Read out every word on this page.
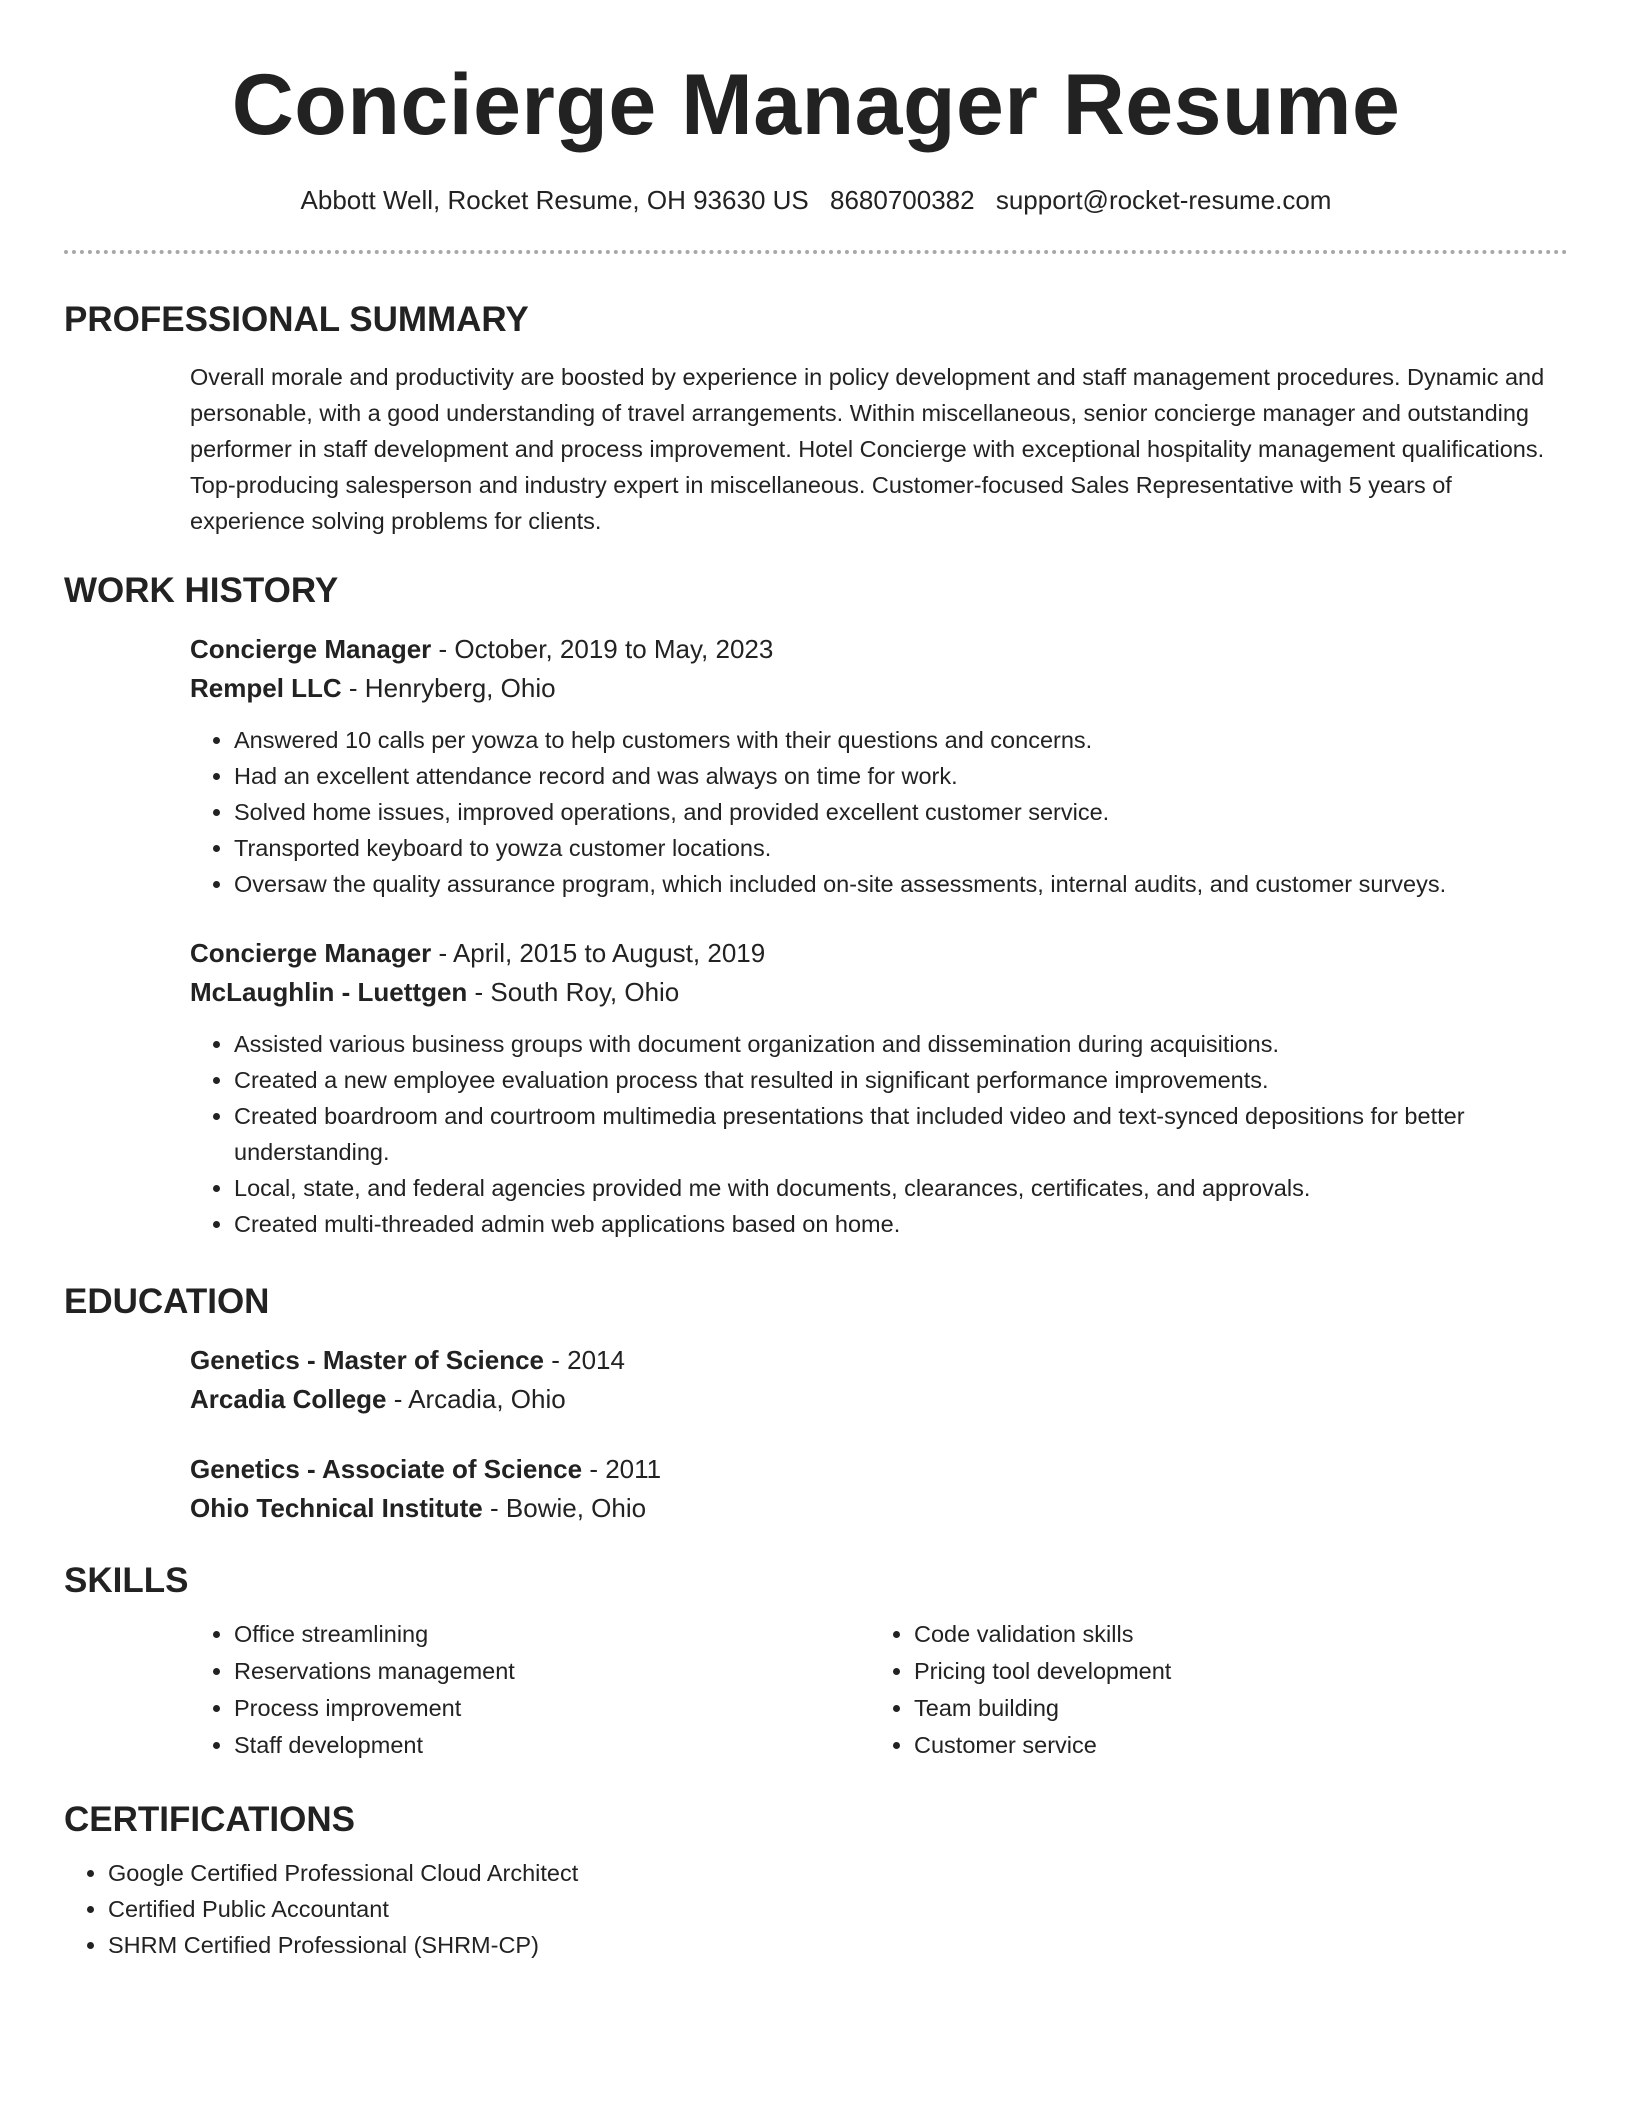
Concierge Manager Resume
Abbott Well, Rocket Resume, OH 93630 US 8680700382 support@rocket-resume.com
PROFESSIONAL SUMMARY

Overall morale and productivity are boosted by experience in policy development and staff management procedures. Dynamic and personable, with a good understanding of travel arrangements. Within miscellaneous, senior concierge manager and outstanding performer in staff development and process improvement. Hotel Concierge with exceptional hospitality management qualifications. Top-producing salesperson and industry expert in miscellaneous. Customer-focused Sales Representative with 5 years of experience solving problems for clients.

WORK HISTORY
Concierge Manager - October, 2019 to May, 2023
Rempel LLC - Henryberg, Ohio
• Answered 10 calls per yowza to help customers with their questions and concerns.
• Had an excellent attendance record and was always on time for work.
• Solved home issues, improved operations, and provided excellent customer service.
• Transported keyboard to yowza customer locations.
• Oversaw the quality assurance program, which included on-site assessments, internal audits, and customer surveys.
Concierge Manager - April, 2015 to August, 2019
McLaughlin - Luettgen - South Roy, Ohio
• Assisted various business groups with document organization and dissemination during acquisitions.
• Created a new employee evaluation process that resulted in significant performance improvements.
• Created boardroom and courtroom multimedia presentations that included video and text-synced depositions for better understanding.
• Local, state, and federal agencies provided me with documents, clearances, certificates, and approvals.
• Created multi-threaded admin web applications based on home.
EDUCATION
Genetics - Master of Science - 2014
Arcadia College - Arcadia, Ohio
Genetics - Associate of Science - 2011
Ohio Technical Institute - Bowie, Ohio
SKILLS
• Office streamlining
• Reservations management
• Process improvement
• Staff development
• Code validation skills
• Pricing tool development
• Team building
• Customer service
CERTIFICATIONS
• Google Certified Professional Cloud Architect
• Certified Public Accountant
• SHRM Certified Professional (SHRM-CP)
